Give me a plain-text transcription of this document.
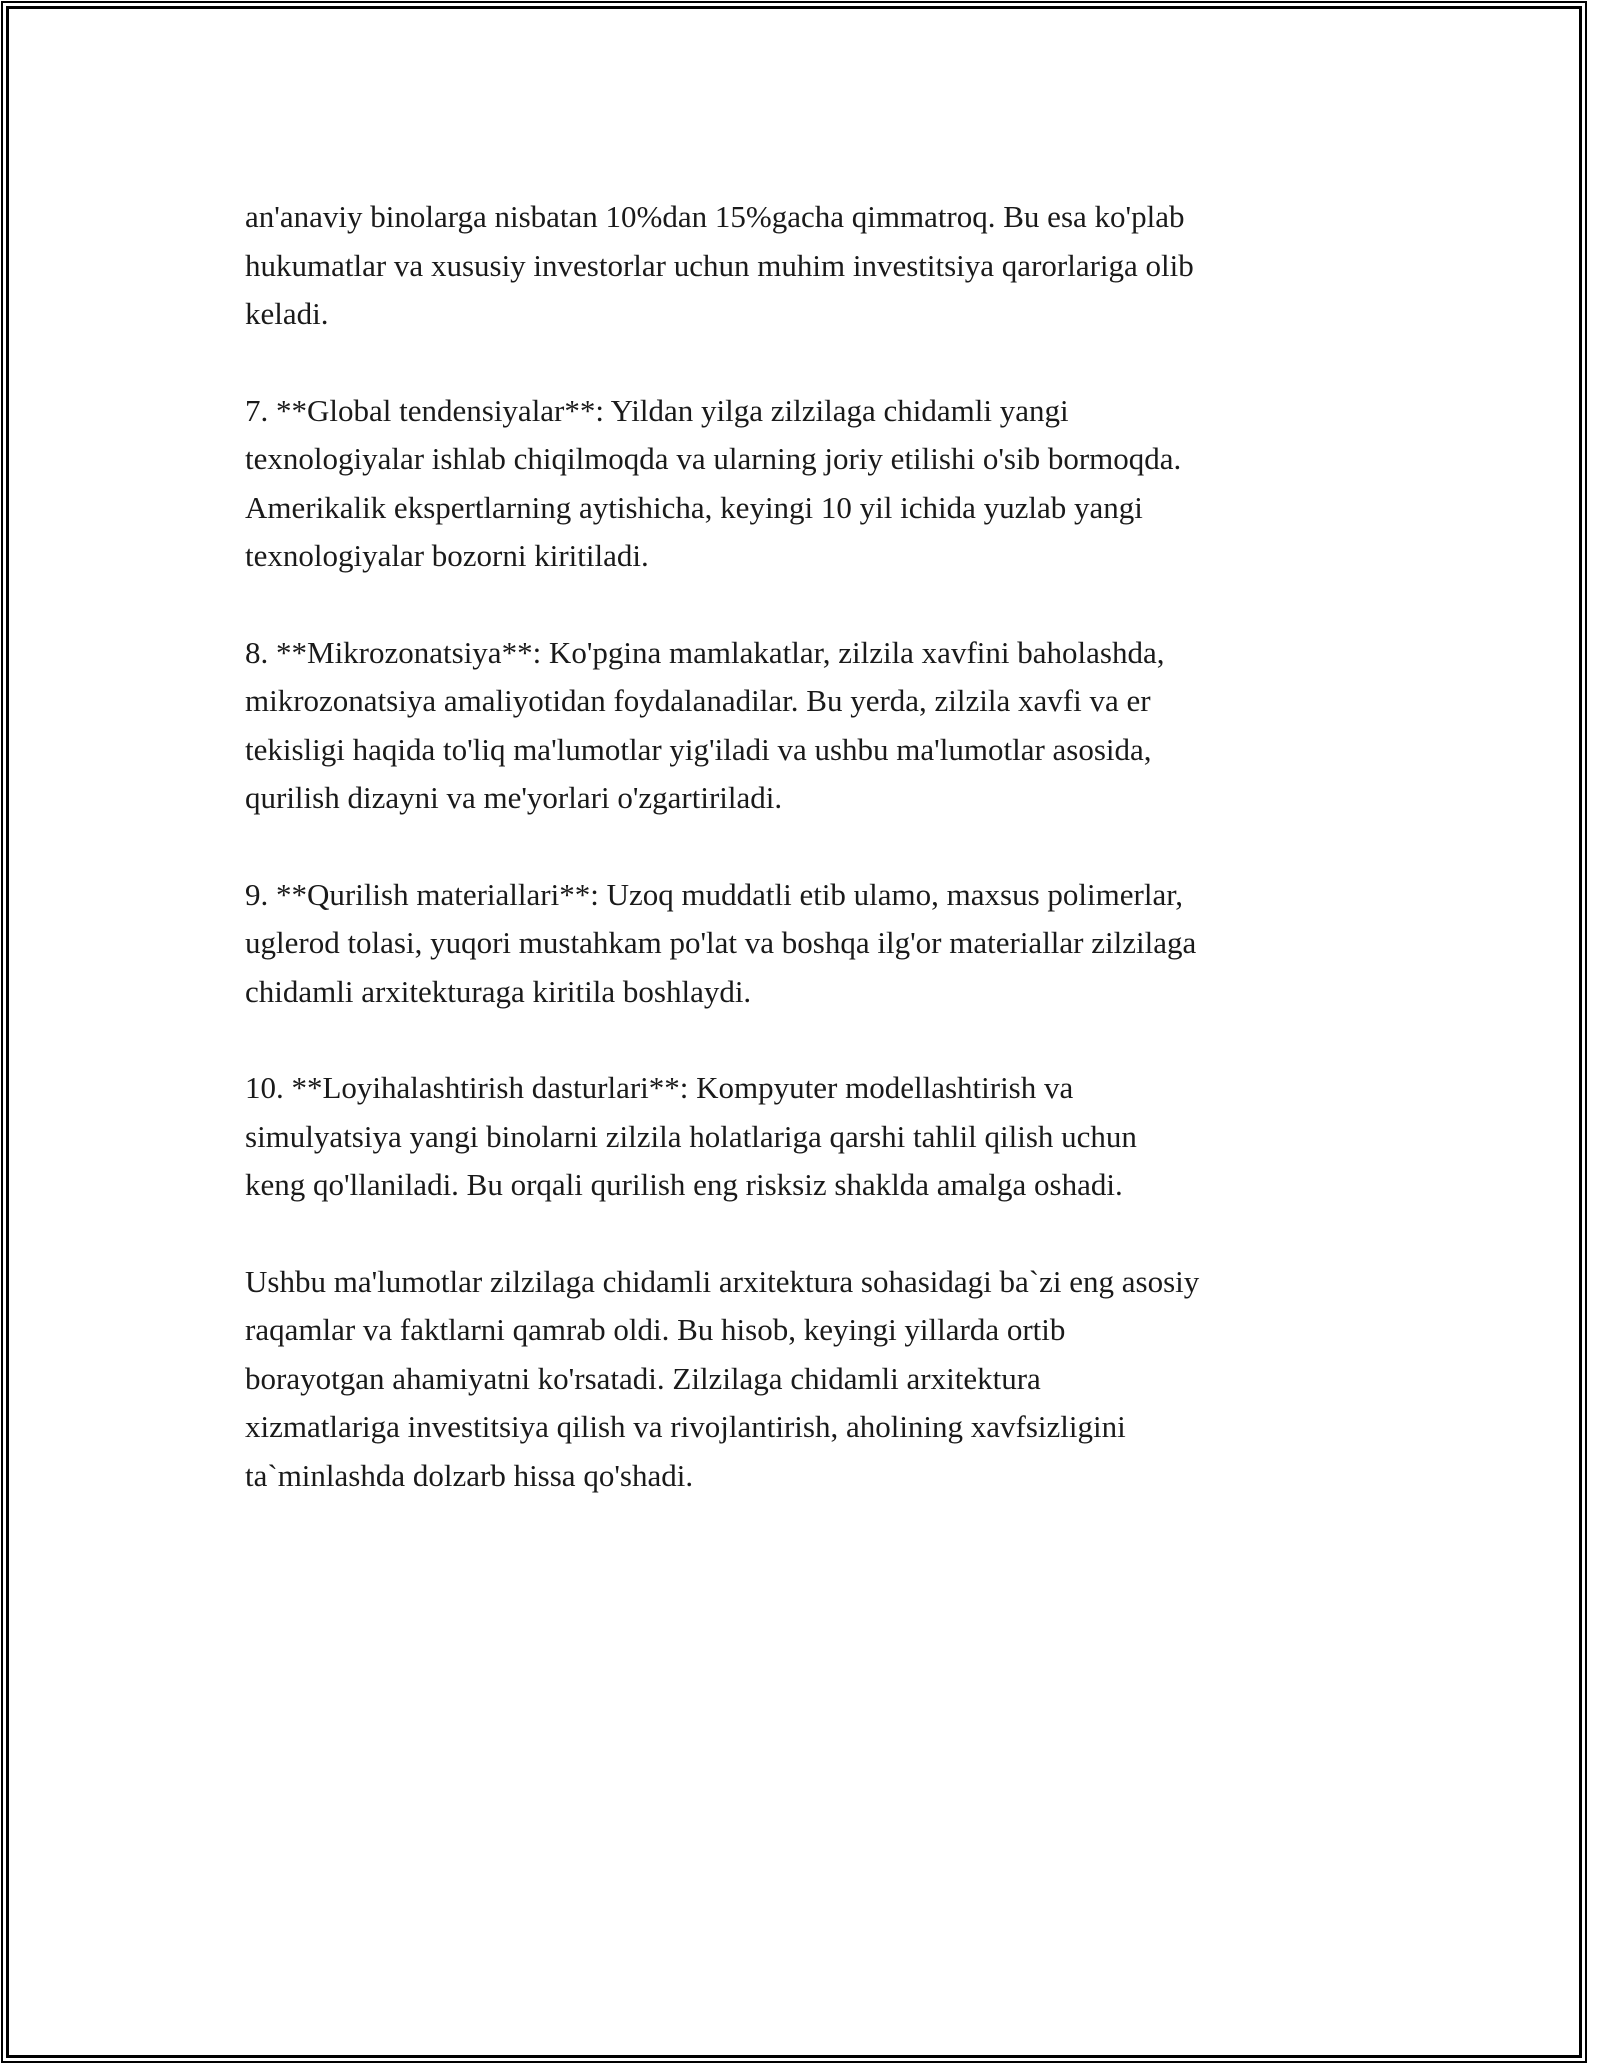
an'anaviy binolarga nisbatan 10%dan 15%gacha qimmatroq. Bu esa ko'plab
hukumatlar va xususiy investorlar uchun muhim investitsiya qarorlariga olib
keladi.

7. **Global tendensiyalar**: Yildan yilga zilzilaga chidamli yangi
texnologiyalar ishlab chiqilmoqda va ularning joriy etilishi o'sib bormoqda.
Amerikalik ekspertlarning aytishicha, keyingi 10 yil ichida yuzlab yangi
texnologiyalar bozorni kiritiladi.

8. **Mikrozonatsiya**: Ko'pgina mamlakatlar, zilzila xavfini baholashda,
mikrozonatsiya amaliyotidan foydalanadilar. Bu yerda, zilzila xavfi va er
tekisligi haqida to'liq ma'lumotlar yig'iladi va ushbu ma'lumotlar asosida,
qurilish dizayni va me'yorlari o'zgartiriladi.

9. **Qurilish materiallari**: Uzoq muddatli etib ulamo, maxsus polimerlar,
uglerod tolasi, yuqori mustahkam po'lat va boshqa ilg'or materiallar zilzilaga
chidamli arxitekturaga kiritila boshlaydi.

10. **Loyihalashtirish dasturlari**: Kompyuter modellashtirish va
simulyatsiya yangi binolarni zilzila holatlariga qarshi tahlil qilish uchun
keng qo'llaniladi. Bu orqali qurilish eng risksiz shaklda amalga oshadi.

Ushbu ma'lumotlar zilzilaga chidamli arxitektura sohasidagi ba`zi eng asosiy
raqamlar va faktlarni qamrab oldi. Bu hisob, keyingi yillarda ortib
borayotgan ahamiyatni ko'rsatadi. Zilzilaga chidamli arxitektura
xizmatlariga investitsiya qilish va rivojlantirish, aholining xavfsizligini
ta`minlashda dolzarb hissa qo'shadi.
